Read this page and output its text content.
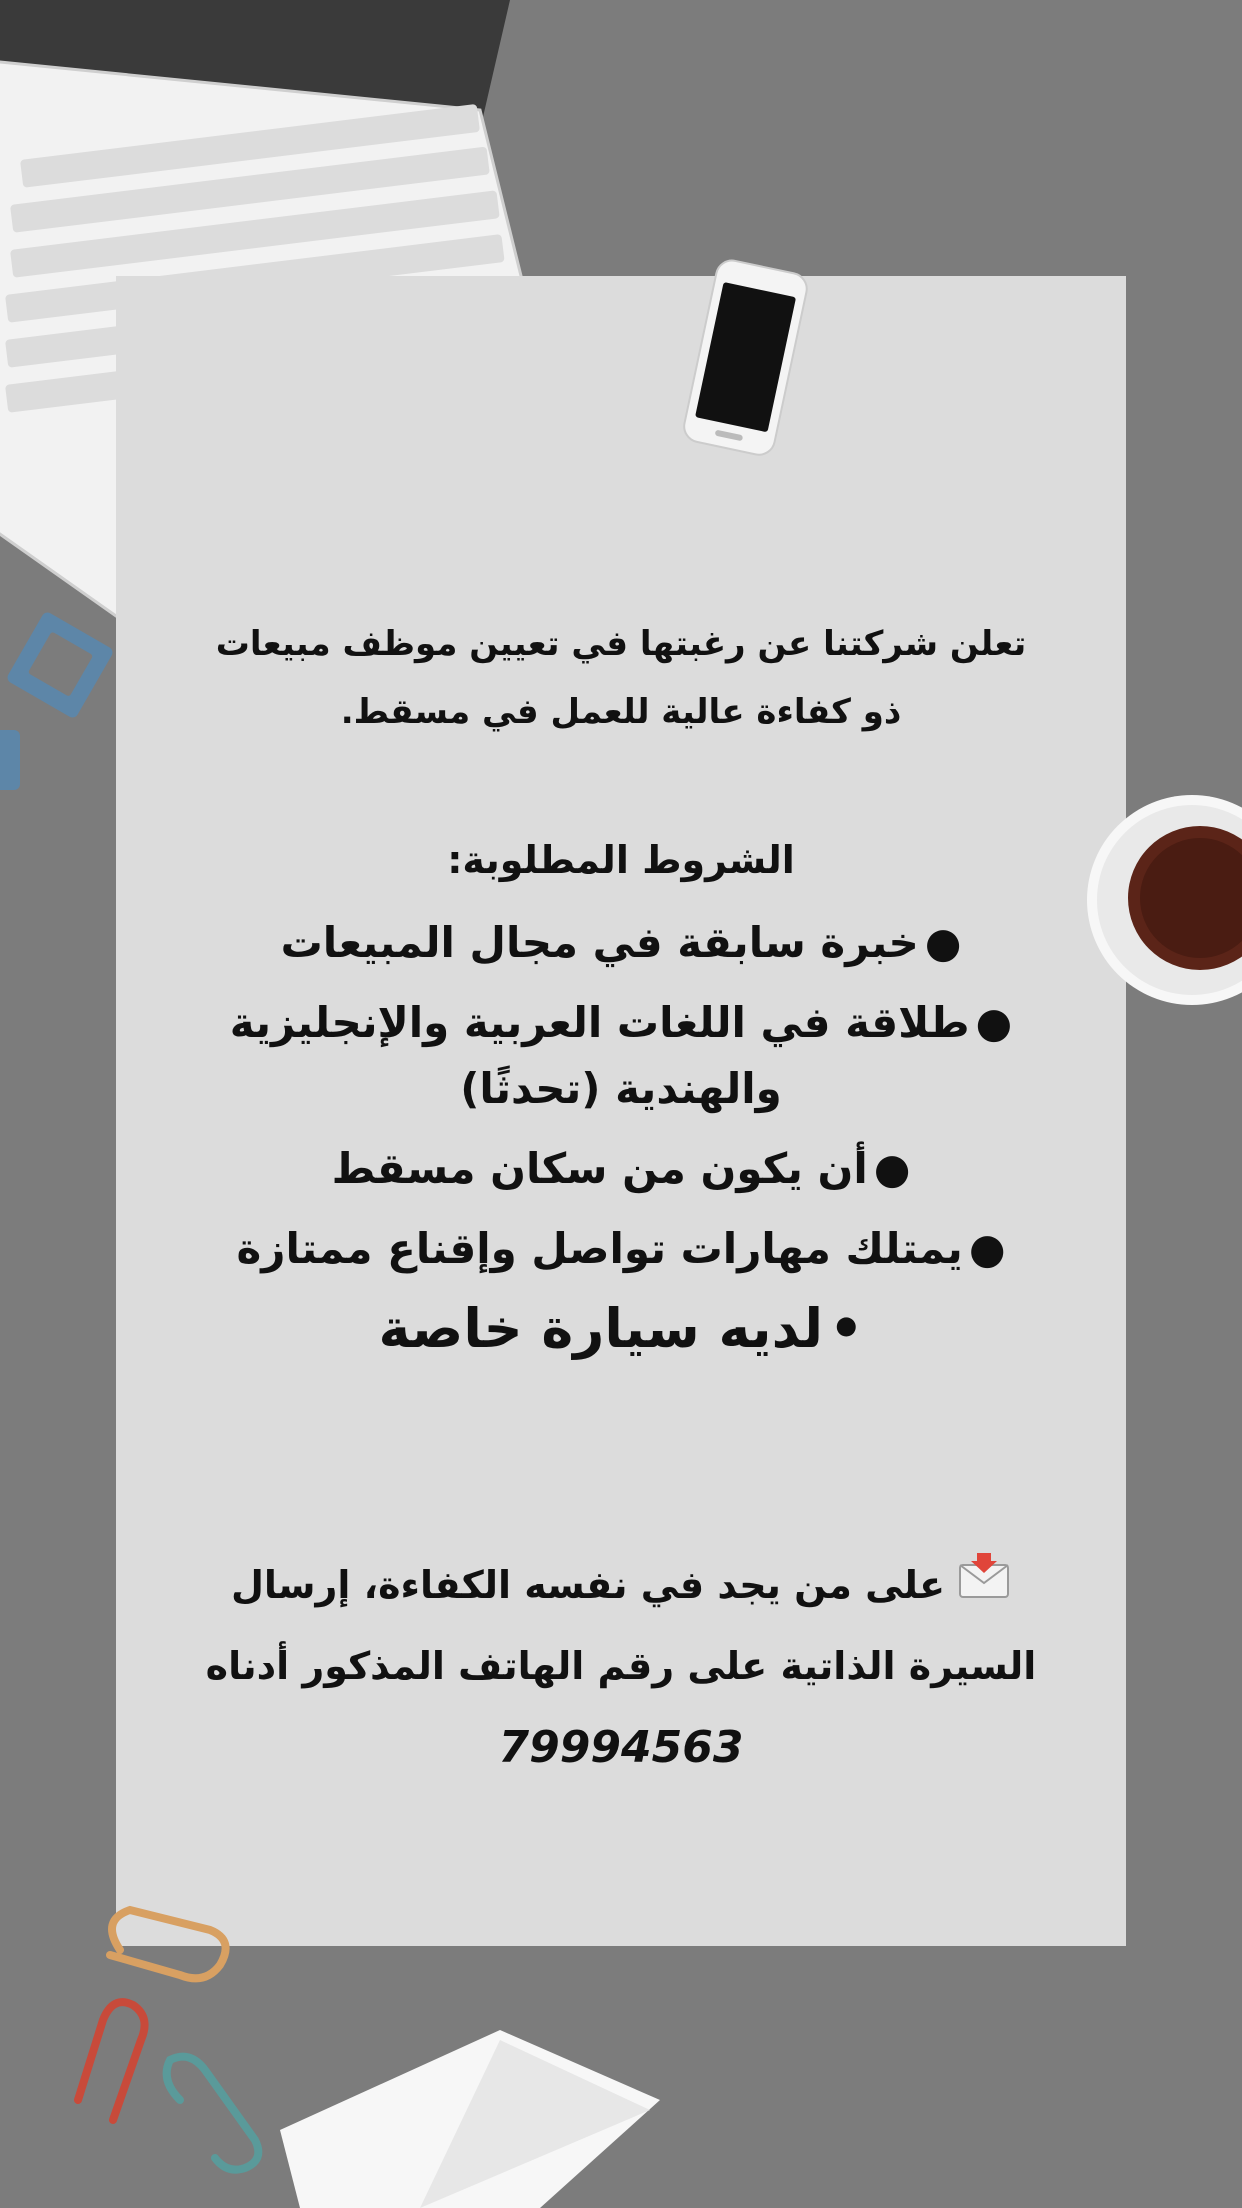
تعلن شركتنا عن رغبتها في تعيين موظف مبيعات
ذو كفاءة عالية للعمل في مسقط.

الشروط المطلوبة:
●خبرة سابقة في مجال المبيعات
●طلاقة في اللغات العربية والإنجليزية والهندية (تحدثًا)
●أن يكون من سكان مسقط
●يمتلك مهارات تواصل وإقناع ممتازة
•لديه سيارة خاصة
على من يجد في نفسه الكفاءة، إرسال
السيرة الذاتية على رقم الهاتف المذكور أدناه
79994563
